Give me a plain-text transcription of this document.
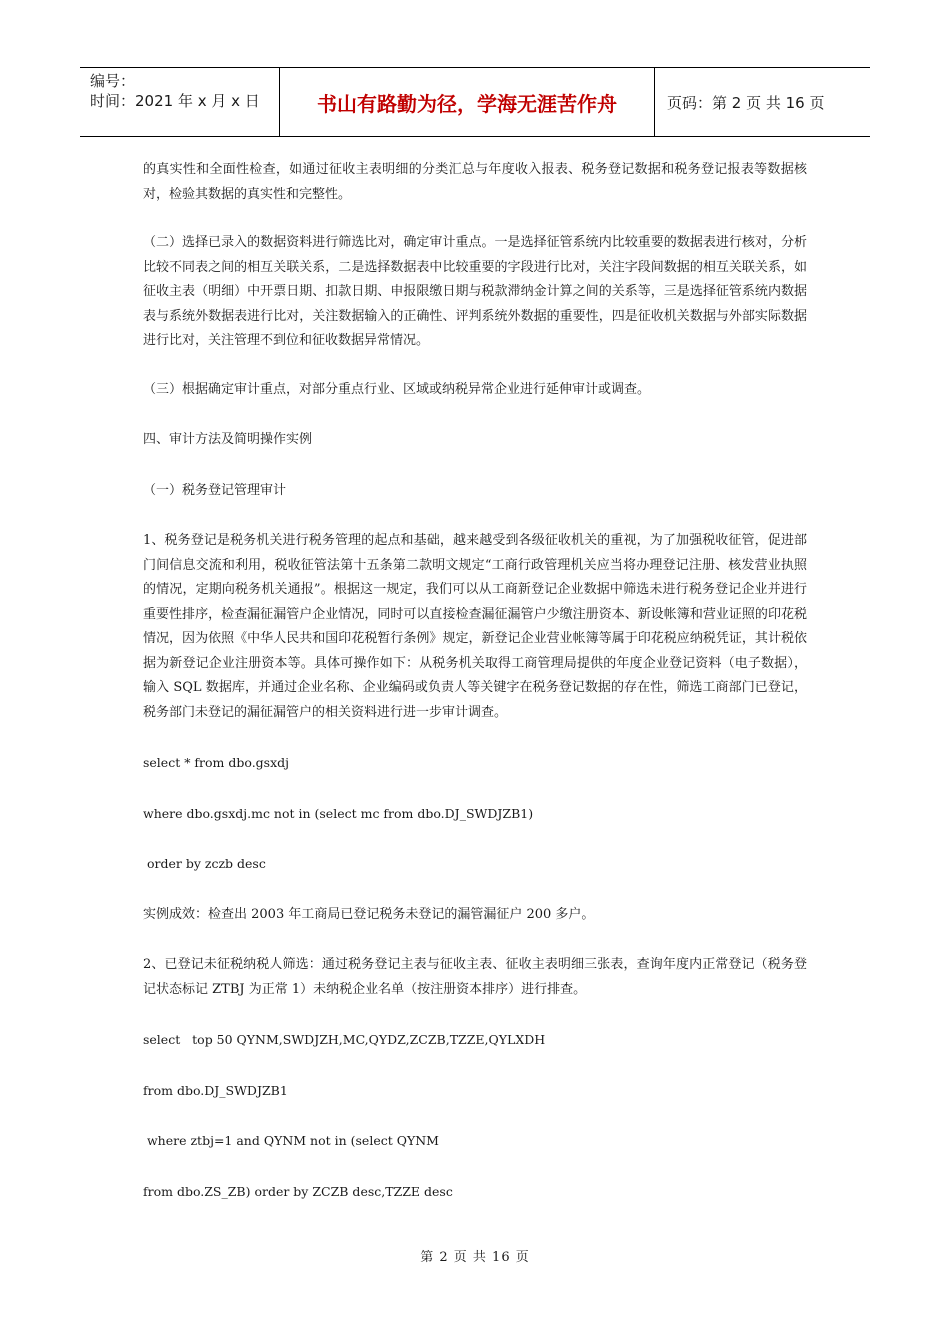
编号：
时间：2021 年 x 月 x 日	书山有路勤为径，学海无涯苦作舟	页码：第 2 页 共 16 页

的真实性和全面性检查，如通过征收主表明细的分类汇总与年度收入报表、税务登记数据和税务登记报表等数据核对，检验其数据的真实性和完整性。

（二）选择已录入的数据资料进行筛选比对，确定审计重点。一是选择征管系统内比较重要的数据表进行核对，分析比较不同表之间的相互关联关系，二是选择数据表中比较重要的字段进行比对，关注字段间数据的相互关联关系，如征收主表（明细）中开票日期、扣款日期、申报限缴日期与税款滞纳金计算之间的关系等，三是选择征管系统内数据表与系统外数据表进行比对，关注数据输入的正确性、评判系统外数据的重要性，四是征收机关数据与外部实际数据进行比对，关注管理不到位和征收数据异常情况。

（三）根据确定审计重点，对部分重点行业、区域或纳税异常企业进行延伸审计或调查。

四、审计方法及简明操作实例

（一）税务登记管理审计

1、税务登记是税务机关进行税务管理的起点和基础，越来越受到各级征收机关的重视，为了加强税收征管，促进部门间信息交流和利用，税收征管法第十五条第二款明文规定“工商行政管理机关应当将办理登记注册、核发营业执照的情况，定期向税务机关通报”。根据这一规定，我们可以从工商新登记企业数据中筛选未进行税务登记企业并进行重要性排序，检查漏征漏管户企业情况，同时可以直接检查漏征漏管户少缴注册资本、新设帐簿和营业证照的印花税情况，因为依照《中华人民共和国印花税暂行条例》规定，新登记企业营业帐簿等属于印花税应纳税凭证，其计税依据为新登记企业注册资本等。具体可操作如下：从税务机关取得工商管理局提供的年度企业登记资料（电子数据），输入 SQL 数据库，并通过企业名称、企业编码或负责人等关键字在税务登记数据的存在性，筛选工商部门已登记，税务部门未登记的漏征漏管户的相关资料进行进一步审计调查。

select * from dbo.gsxdj

where dbo.gsxdj.mc not in (select mc from dbo.DJ_SWDJZB1)

order by zczb desc

实例成效：检查出 2003 年工商局已登记税务未登记的漏管漏征户 200 多户。

2、已登记未征税纳税人筛选：通过税务登记主表与征收主表、征收主表明细三张表，查询年度内正常登记（税务登记状态标记 ZTBJ 为正常 1）未纳税企业名单（按注册资本排序）进行排查。

select   top 50 QYNM,SWDJZH,MC,QYDZ,ZCZB,TZZE,QYLXDH

from dbo.DJ_SWDJZB1

where ztbj=1 and QYNM not in (select QYNM

from dbo.ZS_ZB) order by ZCZB desc,TZZE desc

第 2 页 共 16 页
